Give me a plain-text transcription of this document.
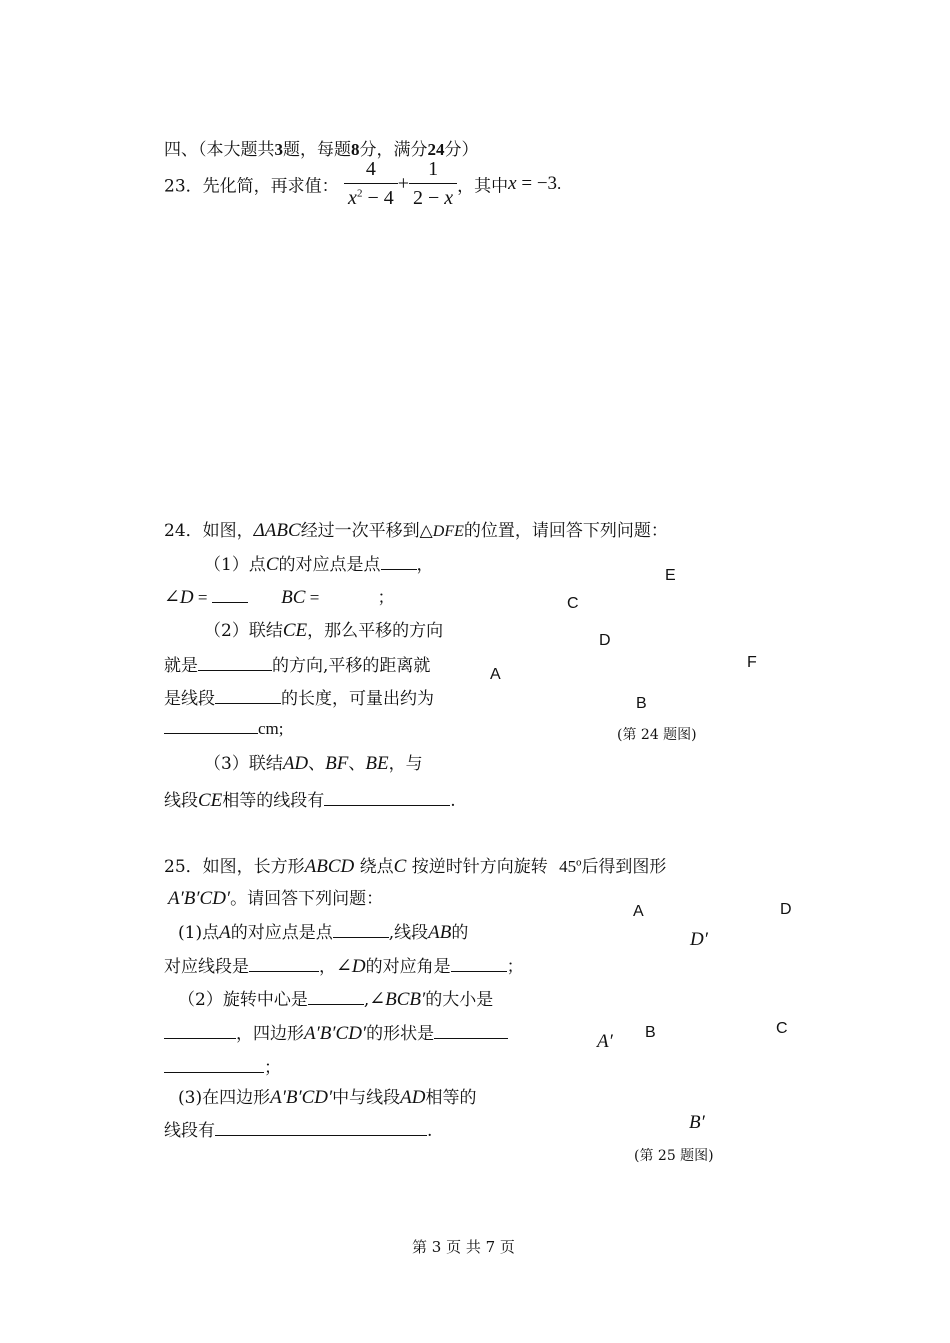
四、（本大题共3题，每题8分，满分24分）
23．先化简，再求值： $\frac{4}{x^2 - 4} + \frac{1}{2 - x}$ ，其中x = −3.
24．如图，ΔABC经过一次平移到△DFE的位置，请回答下列问题：
（1）点C的对应点是点 ，
∠D =	BC =	；
（2）联结CE，那么平移的方向
就是	的方向,平移的距离就
是线段	的长度，可量出约为
cm;
（3）联结AD、BF、BE，与
线段CE相等的线段有	.
E
C
D
F
A
B
(第 24 题图)
25．如图，长方形ABCD 绕点C 按逆时针方向旋转 45º后得到图形
A′B′CD′。请回答下列问题：
(1)点A的对应点是点	,线段AB的
对应线段是	，∠D的对应角是	；
（2）旋转中心是	,∠BCB′的大小是
，四边形A′B′CD′的形状是
；
(3)在四边形A′B′CD′中与线段AD相等的
线段有	.
A	D
D′
A′ B	C
B′
(第 25 题图)
第 3 页 共 7 页
